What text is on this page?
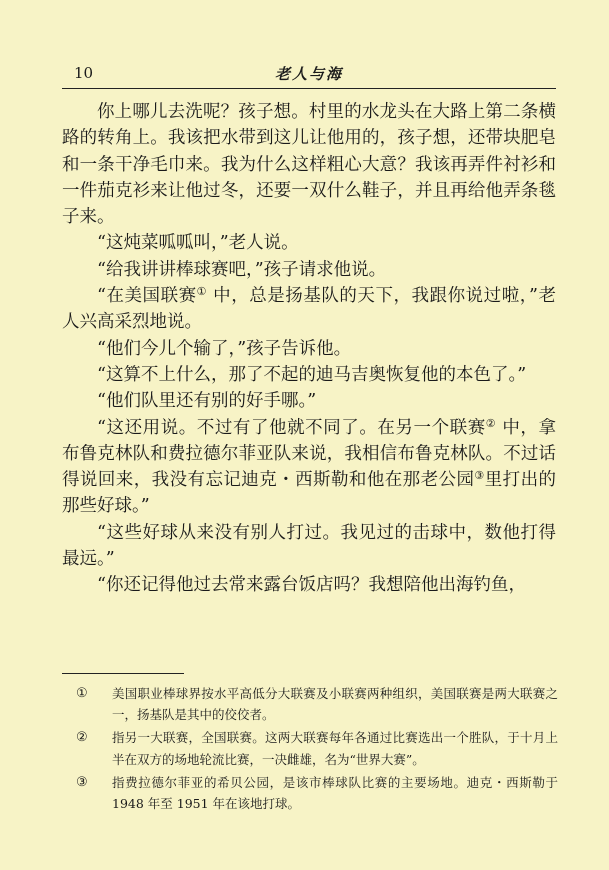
10	老人与海

你上哪儿去洗呢？孩子想。村里的水龙头在大路上第二条横路的转角上。我该把水带到这儿让他用的，孩子想，还带块肥皂和一条干净毛巾来。我为什么这样粗心大意？我该再弄件衬衫和一件茄克衫来让他过冬，还要一双什么鞋子，并且再给他弄条毯子来。

“这炖菜呱呱叫，”老人说。

“给我讲讲棒球赛吧，”孩子请求他说。

“在美国联赛① 中，总是扬基队的天下，我跟你说过啦，”老人兴高采烈地说。

“他们今儿个输了，”孩子告诉他。

“这算不上什么，那了不起的迪马吉奥恢复他的本色了。”

“他们队里还有别的好手哪。”

“这还用说。不过有了他就不同了。在另一个联赛② 中，拿布鲁克林队和费拉德尔菲亚队来说，我相信布鲁克林队。不过话得说回来，我没有忘记迪克・西斯勒和他在那老公园③里打出的那些好球。”

“这些好球从来没有别人打过。我见过的击球中，数他打得最远。”

“你还记得他过去常来露台饭店吗？我想陪他出海钓鱼，

① 美国职业棒球界按水平高低分大联赛及小联赛两种组织，美国联赛是两大联赛之一，扬基队是其中的佼佼者。
② 指另一大联赛，全国联赛。这两大联赛每年各通过比赛选出一个胜队，于十月上半在双方的场地轮流比赛，一决雌雄，名为“世界大赛”。
③ 指费拉德尔菲亚的希贝公园，是该市棒球队比赛的主要场地。迪克・西斯勒于 1948 年至 1951 年在该地打球。
